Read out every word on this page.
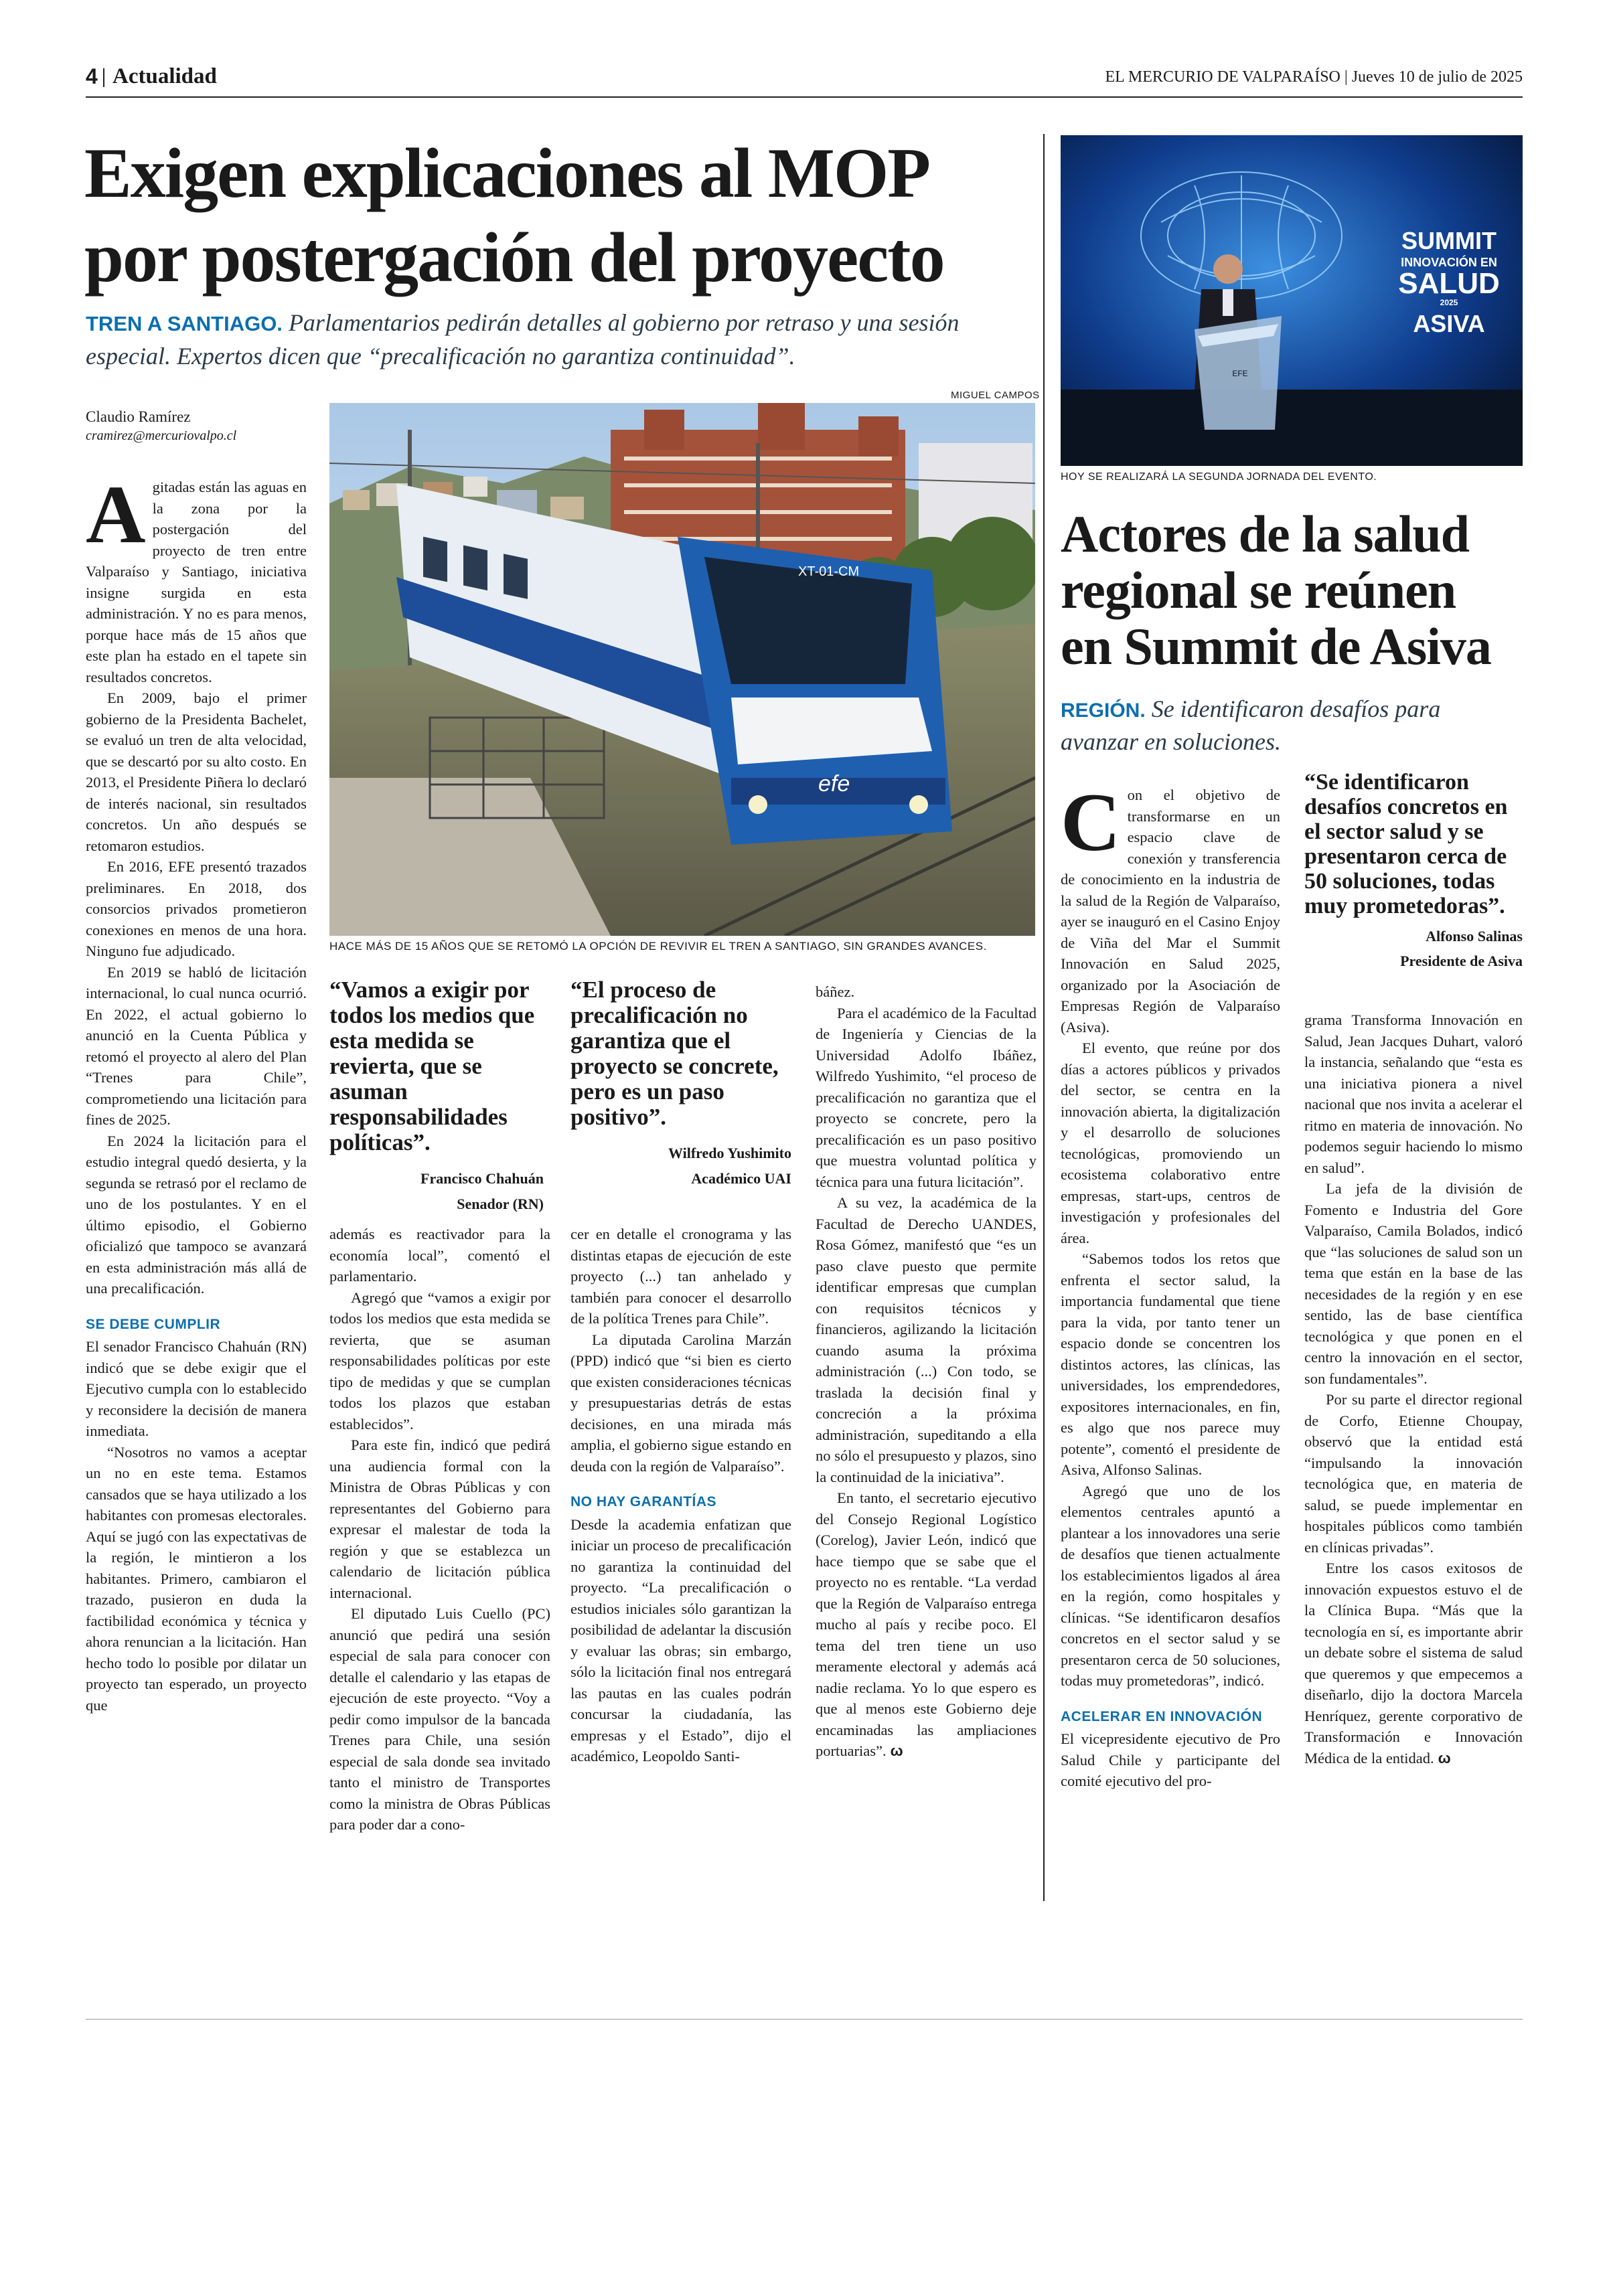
4 Actualidad	EL MERCURIO DE VALPARAÍSO | Jueves 10 de julio de 2025
Exigen explicaciones al MOP
por postergación del proyecto
TREN A SANTIAGO. Parlamentarios pedirán detalles al gobierno por retraso y una sesión especial. Expertos dicen que “precalificación no garantiza continuidad”.
Claudio Ramírez
cramirez@mercuriovalpo.cl
MIGUEL CAMPOS
efe
XT-01-CM
HACE MÁS DE 15 AÑOS QUE SE RETOMÓ LA OPCIÓN DE REVIVIR EL TREN A SANTIAGO, SIN GRANDES AVANCES.

Agitadas están las aguas en la zona por la postergación del proyecto de tren entre Valparaíso y Santiago, iniciativa insigne surgida en esta administración. Y no es para menos, porque hace más de 15 años que este plan ha estado en el tapete sin resultados concretos.

En 2009, bajo el primer gobierno de la Presidenta Bachelet, se evaluó un tren de alta velocidad, que se descartó por su alto costo. En 2013, el Presidente Piñera lo declaró de interés nacional, sin resultados concretos. Un año después se retomaron estudios.

En 2016, EFE presentó trazados preliminares. En 2018, dos consorcios privados prometieron conexiones en menos de una hora. Ninguno fue adjudicado.

En 2019 se habló de licitación internacional, lo cual nunca ocurrió. En 2022, el actual gobierno lo anunció en la Cuenta Pública y retomó el proyecto al alero del Plan “Trenes para Chile”, comprometiendo una licitación para fines de 2025.

En 2024 la licitación para el estudio integral quedó desierta, y la segunda se retrasó por el reclamo de uno de los postulantes. Y en el último episodio, el Gobierno oficializó que tampoco se avanzará en esta administración más allá de una precalificación.

SE DEBE CUMPLIR

El senador Francisco Chahuán (RN) indicó que se debe exigir que el Ejecutivo cumpla con lo establecido y reconsidere la decisión de manera inmediata.

“Nosotros no vamos a aceptar un no en este tema. Estamos cansados que se haya utilizado a los habitantes con promesas electorales. Aquí se jugó con las expectativas de la región, le mintieron a los habitantes. Primero, cambiaron el trazado, pusieron en duda la factibilidad económica y técnica y ahora renuncian a la licitación. Han hecho todo lo posible por dilatar un proyecto tan esperado, un proyecto que

“Vamos a exigir por todos los medios que esta medida se revierta, que se asuman responsabilidades políticas”.
Francisco Chahuán
Senador (RN)

además es reactivador para la economía local”, comentó el parlamentario.

Agregó que “vamos a exigir por todos los medios que esta medida se revierta, que se asuman responsabilidades políticas por este tipo de medidas y que se cumplan todos los plazos que estaban establecidos”.

Para este fin, indicó que pedirá una audiencia formal con la Ministra de Obras Públicas y con representantes del Gobierno para expresar el malestar de toda la región y que se establezca un calendario de licitación pública internacional.

El diputado Luis Cuello (PC) anunció que pedirá una sesión especial de sala para conocer con detalle el calendario y las etapas de ejecución de este proyecto. “Voy a pedir como impulsor de la bancada Trenes para Chile, una sesión especial de sala donde sea invitado tanto el ministro de Transportes como la ministra de Obras Públicas para poder dar a cono-

“El proceso de precalificación no garantiza que el proyecto se concrete, pero es un paso positivo”.
Wilfredo Yushimito
Académico UAI

cer en detalle el cronograma y las distintas etapas de ejecución de este proyecto (...) tan anhelado y también para conocer el desarrollo de la política Trenes para Chile”.

La diputada Carolina Marzán (PPD) indicó que “si bien es cierto que existen consideraciones técnicas y presupuestarias detrás de estas decisiones, en una mirada más amplia, el gobierno sigue estando en deuda con la región de Valparaíso”.

NO HAY GARANTÍAS

Desde la academia enfatizan que iniciar un proceso de precalificación no garantiza la continuidad del proyecto. “La precalificación o estudios iniciales sólo garantizan la posibilidad de adelantar la discusión y evaluar las obras; sin embargo, sólo la licitación final nos entregará las pautas en las cuales podrán concursar la ciudadanía, las empresas y el Estado”, dijo el académico, Leopoldo Santi-

báñez.

Para el académico de la Facultad de Ingeniería y Ciencias de la Universidad Adolfo Ibáñez, Wilfredo Yushimito, “el proceso de precalificación no garantiza que el proyecto se concrete, pero la precalificación es un paso positivo que muestra voluntad política y técnica para una futura licitación”.

A su vez, la académica de la Facultad de Derecho UANDES, Rosa Gómez, manifestó que “es un paso clave puesto que permite identificar empresas que cumplan con requisitos técnicos y financieros, agilizando la licitación cuando asuma la próxima administración (...) Con todo, se traslada la decisión final y concreción a la próxima administración, supeditando a ella no sólo el presupuesto y plazos, sino la continuidad de la iniciativa”.

En tanto, el secretario ejecutivo del Consejo Regional Logístico (Corelog), Javier León, indicó que hace tiempo que se sabe que el proyecto no es rentable. “La verdad que la Región de Valparaíso entrega mucho al país y recibe poco. El tema del tren tiene un uso meramente electoral y además acá nadie reclama. Yo lo que espero es que al menos este Gobierno deje encaminadas las ampliaciones portuarias”. ω

SUMMIT
INNOVACIÓN EN
SALUD
2025
ASIVA
EFE
HOY SE REALIZARÁ LA SEGUNDA JORNADA DEL EVENTO.
Actores de la salud
regional se reúnen
en Summit de Asiva
REGIÓN. Se identificaron desafíos para avanzar en soluciones.
“Se identificaron desafíos concretos en el sector salud y se presentaron cerca de 50 soluciones, todas muy prometedoras”.
Alfonso Salinas
Presidente de Asiva

Con el objetivo de transformarse en un espacio clave de conexión y transferencia de conocimiento en la industria de la salud de la Región de Valparaíso, ayer se inauguró en el Casino Enjoy de Viña del Mar el Summit Innovación en Salud 2025, organizado por la Asociación de Empresas Región de Valparaíso (Asiva).

El evento, que reúne por dos días a actores públicos y privados del sector, se centra en la innovación abierta, la digitalización y el desarrollo de soluciones tecnológicas, promoviendo un ecosistema colaborativo entre empresas, start-ups, centros de investigación y profesionales del área.

“Sabemos todos los retos que enfrenta el sector salud, la importancia fundamental que tiene para la vida, por tanto tener un espacio donde se concentren los distintos actores, las clínicas, las universidades, los emprendedores, expositores internacionales, en fin, es algo que nos parece muy potente”, comentó el presidente de Asiva, Alfonso Salinas.

Agregó que uno de los elementos centrales apuntó a plantear a los innovadores una serie de desafíos que tienen actualmente los establecimientos ligados al área en la región, como hospitales y clínicas. “Se identificaron desafíos concretos en el sector salud y se presentaron cerca de 50 soluciones, todas muy prometedoras”, indicó.

ACELERAR EN INNOVACIÓN

El vicepresidente ejecutivo de Pro Salud Chile y participante del comité ejecutivo del pro-

grama Transforma Innovación en Salud, Jean Jacques Duhart, valoró la instancia, señalando que “esta es una iniciativa pionera a nivel nacional que nos invita a acelerar el ritmo en materia de innovación. No podemos seguir haciendo lo mismo en salud”.

La jefa de la división de Fomento e Industria del Gore Valparaíso, Camila Bolados, indicó que “las soluciones de salud son un tema que están en la base de las necesidades de la región y en ese sentido, las de base científica tecnológica y que ponen en el centro la innovación en el sector, son fundamentales”.

Por su parte el director regional de Corfo, Etienne Choupay, observó que la entidad está “impulsando la innovación tecnológica que, en materia de salud, se puede implementar en hospitales públicos como también en clínicas privadas”.

Entre los casos exitosos de innovación expuestos estuvo el de la Clínica Bupa. “Más que la tecnología en sí, es importante abrir un debate sobre el sistema de salud que queremos y que empecemos a diseñarlo, dijo la doctora Marcela Henríquez, gerente corporativo de Transformación e Innovación Médica de la entidad. ω
